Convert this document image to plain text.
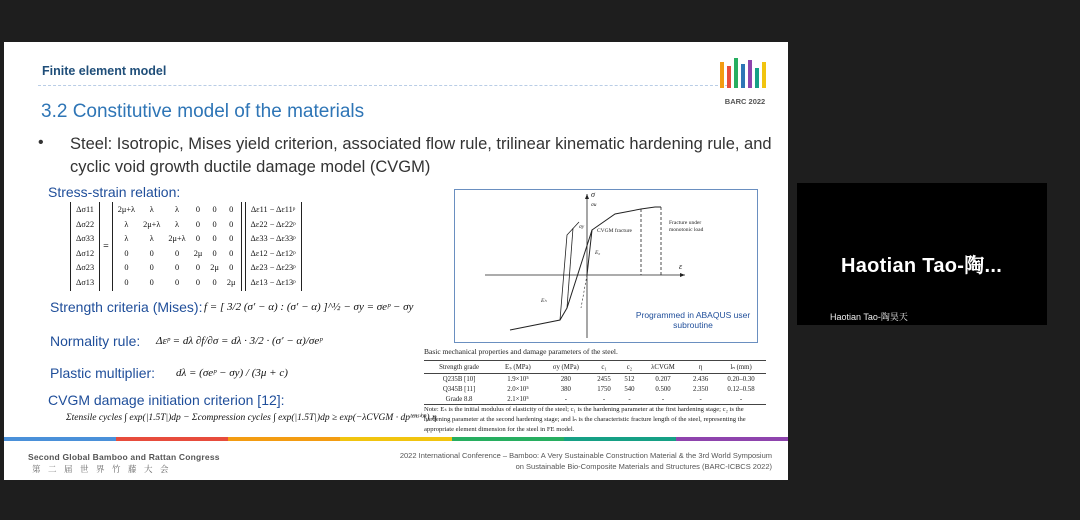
Finite element model
BARC 2022
3.2 Constitutive model of the materials
• Steel: Isotropic, Mises yield criterion, associated flow rule, trilinear kinematic hardening rule, and cyclic void growth ductile damage model (CVGM)
Stress-strain relation:
Δσ11
Δσ22
Δσ33
Δσ12
Δσ23
Δσ13
=
2μ+λ	λ	λ	0	0	0
λ	2μ+λ	λ	0	0	0
λ	λ	2μ+λ	0	0	0
0	0	0	2μ	0	0
0	0	0	0	2μ	0
0	0	0	0	0	2μ
Δε11 − Δε11ᵖ
Δε22 − Δε22ᵖ
Δε33 − Δε33ᵖ
Δε12 − Δε12ᵖ
Δε23 − Δε23ᵖ
Δε13 − Δε13ᵖ
Strength criteria (Mises): f = [ 3/2 (σ′ − α) : (σ′ − α) ]^½ − σy = σeᵖ − σy
Normality rule: Δεᵖ = dλ ∂f/∂σ = dλ · 3/2 · (σ′ − α)/σeᵖ
Plastic multiplier: dλ = (σeᵖ − σy) / (3μ + c)
CVGM damage initiation criterion [12]:
Σtensile cycles ∫ exp(|1.5T|)dp − Σcompression cycles ∫ exp(|1.5T|)dp ≥ exp(−λCVGM · dpᵗᵉⁿˢⁱᵒⁿ) η
σ
ε
CVGM fracture
Fracture under monotonic load
σy
σu
E₀
Eₕ
Programmed in ABAQUS user subroutine
Basic mechanical properties and damage parameters of the steel.
Strength grade	Eₛ (MPa)	σy (MPa)	c₁	c₂	λCVGM	η	lₙ (mm)
Q235B [10]	1.9×10⁵	280	2455	512	0.207	2.436	0.20–0.30
Q345B [11]	2.0×10⁵	380	1750	540	0.500	2.350	0.12–0.58
Grade 8.8	2.1×10⁵	-	-	-	-	-	-
Note: Eₛ is the initial modulus of elasticity of the steel; c₁ is the hardening parameter at the first hardening stage; c₂ is the hardening parameter at the second hardening stage; and lₙ is the characteristic fracture length of the steel, representing the appropriate element dimension for the steel in FE model.
Second Global Bamboo and Rattan Congress
第二届世界竹藤大会
2022 International Conference – Bamboo: A Very Sustainable Construction Material & the 3rd World Symposium
on Sustainable Bio-Composite Materials and Structures (BARC-ICBCS 2022)
Haotian Tao-陶...
Haotian Tao-陶昊天
